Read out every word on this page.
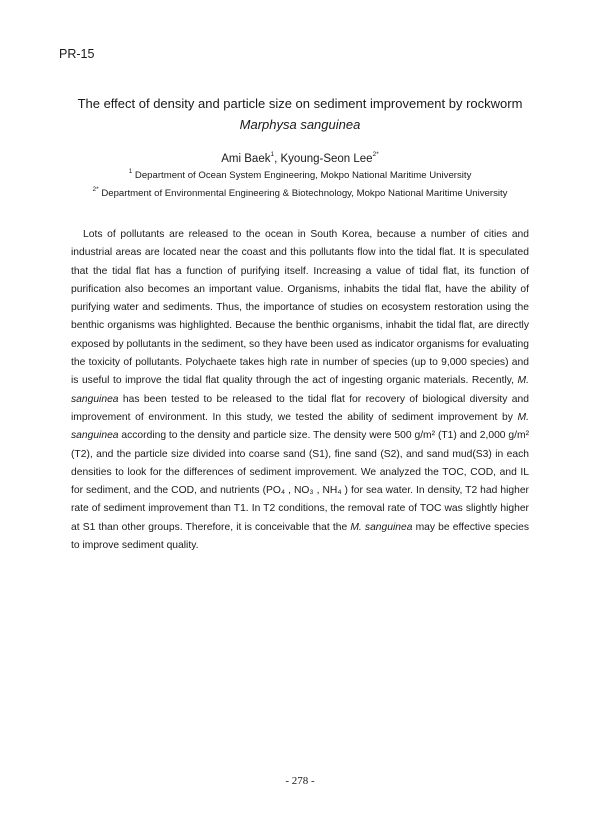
PR-15
The effect of density and particle size on sediment improvement by rockworm
Marphysa sanguinea
Ami Baek$^1$, Kyoung-Seon Lee$^{2*}$
$^1$ Department of Ocean System Engineering, Mokpo National Maritime University
$^{2*}$ Department of Environmental Engineering & Biotechnology, Mokpo National Maritime University

Lots of pollutants are released to the ocean in South Korea, because a number of cities and industrial areas are located near the coast and this pollutants flow into the tidal flat. It is speculated that the tidal flat has a function of purifying itself. Increasing a value of tidal flat, its function of purification also becomes an important value. Organisms, inhabits the tidal flat, have the ability of purifying water and sediments. Thus, the importance of studies on ecosystem restoration using the benthic organisms was highlighted. Because the benthic organisms, inhabit the tidal flat, are directly exposed by pollutants in the sediment, so they have been used as indicator organisms for evaluating the toxicity of pollutants. Polychaete takes high rate in number of species (up to 9,000 species) and is useful to improve the tidal flat quality through the act of ingesting organic materials. Recently, M. sanguinea has been tested to be released to the tidal flat for recovery of biological diversity and improvement of environment. In this study, we tested the ability of sediment improvement by M. sanguinea according to the density and particle size. The density were 500 g/m² (T1) and 2,000 g/m² (T2), and the particle size divided into coarse sand (S1), fine sand (S2), and sand mud(S3) in each densities to look for the differences of sediment improvement. We analyzed the TOC, COD, and IL for sediment, and the COD, and nutrients (PO₄ , NO₃ , NH₄ ) for sea water. In density, T2 had higher rate of sediment improvement than T1. In T2 conditions, the removal rate of TOC was slightly higher at S1 than other groups. Therefore, it is conceivable that the M. sanguinea may be effective species to improve sediment quality.

- 278 -
